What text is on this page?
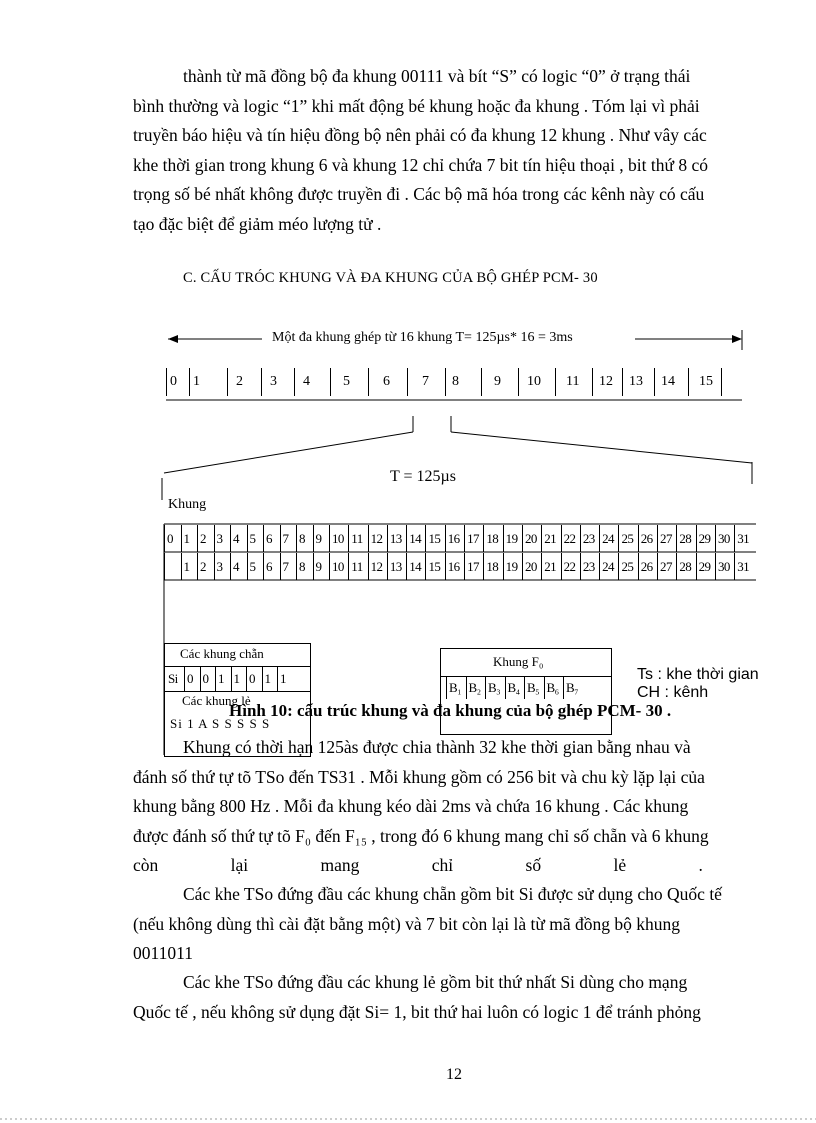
thành từ mã đồng bộ đa khung 00111 và bít “S” có logic “0” ở trạng thái
bình thường và logic “1” khi mất động bé khung hoặc đa khung . Tóm lại vì phải
truyền báo hiệu và tín hiệu đồng bộ nên phải có đa khung 12 khung . Như vây các
khe thời gian trong khung 6 và khung 12 chỉ chứa 7 bit tín hiệu thoại , bit thứ 8 có
trọng số bé nhất không được truyền đi . Các bộ mã hóa trong các kênh này có cấu
tạo đặc biệt để giảm méo lượng tử .
C. CẤU TRÓC KHUNG VÀ ĐA KHUNG CỦA BỘ GHÉP PCM- 30
Một đa khung ghép từ 16 khung T= 125µs* 16 = 3ms
0	1	2	3	4	5	6	7	8	9	10	11	12	13	14	15
T = 125µs
Khung
0 1 2 3 4 5 6 7 8 9 10 11 12 13 14 15 16 17 18 19 20 21 22 23 24 25 26 27 28 29 30 31
1 2 3 4 5 6 7 8 9 10 11 12 13 14 15 16 17 18 19 20 21 22 23 24 25 26 27 28 29 30 31
Các khung chẵn
Si 0 0 1 1 0 1 1
Các khung lẻ
Si 1 A S S S S S
Khung F₀
B₁ B₂ B₃ B₄ B₅ B₆ B₇
Ts : khe thời gian
CH : kênh
Hình 10: cấu trúc khung và đa khung của bộ ghép PCM- 30 .
Khung có thời hạn 125às được chia thành 32 khe thời gian bằng nhau và
đánh số thứ tự tõ TSo đến TS31 . Mỗi khung gồm có 256 bit và chu kỳ lặp lại của
khung bằng 800 Hz . Mỗi đa khung kéo dài 2ms và chứa 16 khung . Các khung
được đánh số thứ tự tõ F₀ đến F₁₅ , trong đó 6 khung mang chỉ số chẵn và 6 khung
còn lại mang chỉ số lẻ .
Các khe TSo đứng đầu các khung chẵn gồm bit Si được sử dụng cho Quốc tế
(nếu không dùng thì cài đặt bằng một) và 7 bit còn lại là từ mã đồng bộ khung
0011011
Các khe TSo đứng đầu các khung lẻ gồm bit thứ nhất Si dùng cho mạng
Quốc tế , nếu không sử dụng đặt Si= 1, bit thứ hai luôn có logic 1 để tránh phỏng
12
